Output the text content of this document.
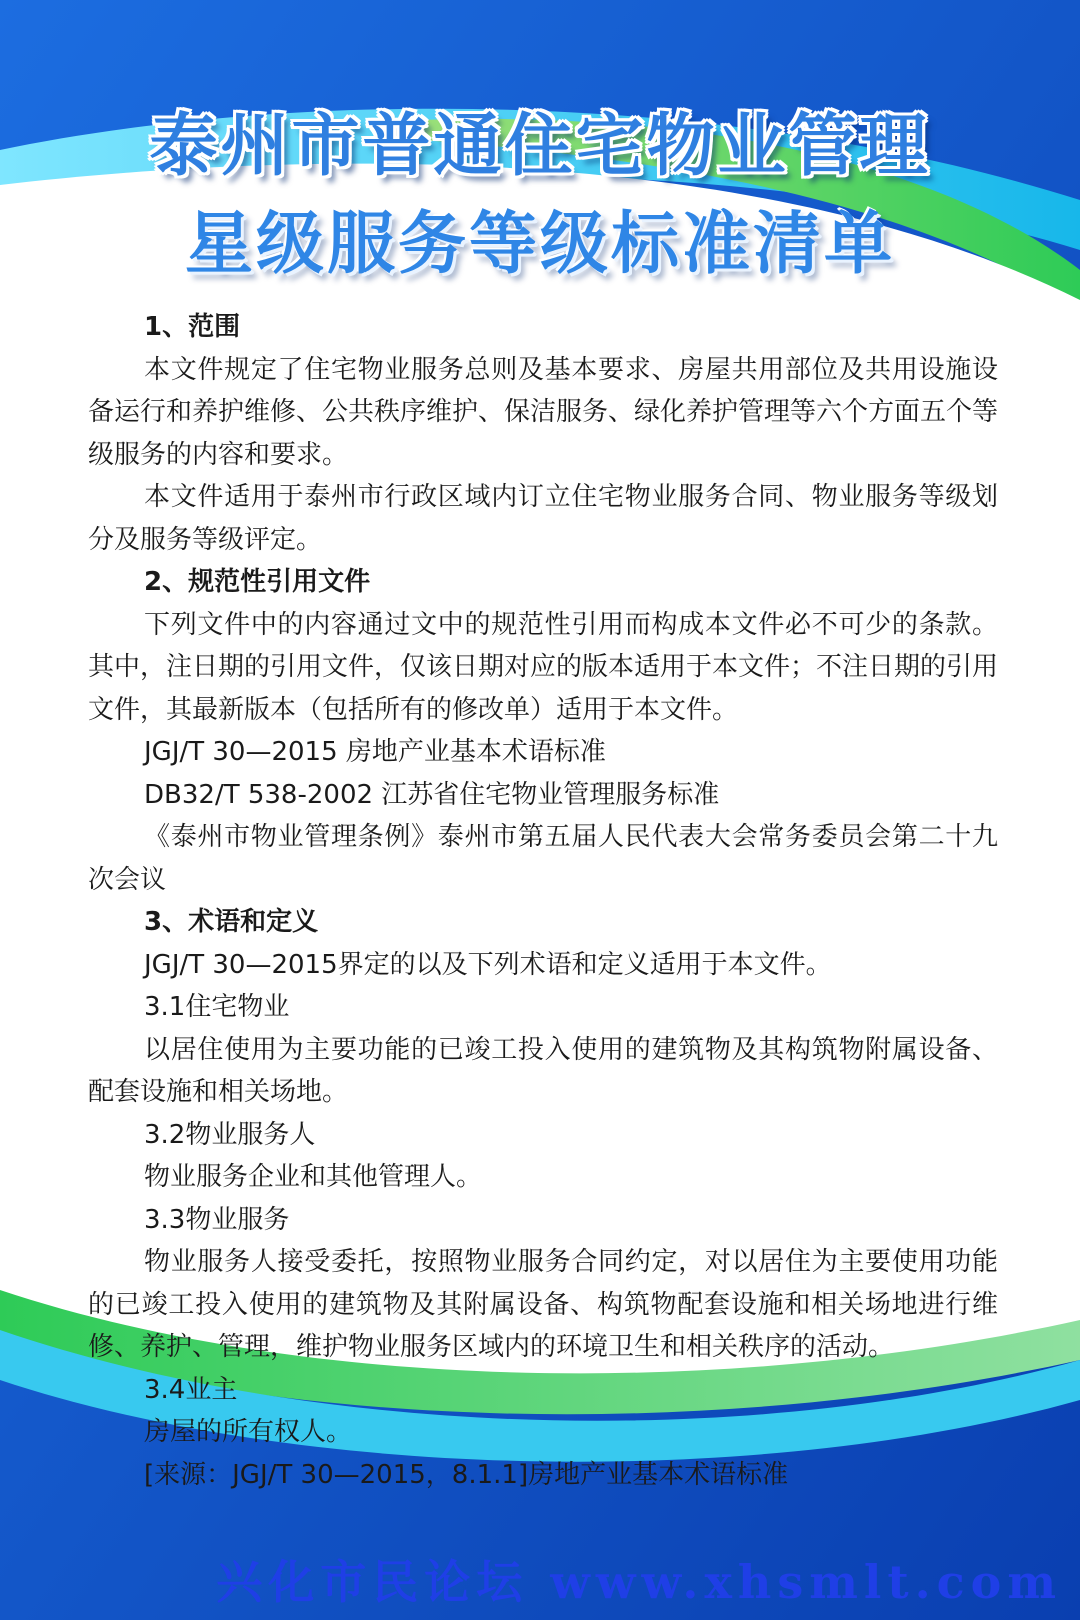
泰州市普通住宅物业管理
星级服务等级标准清单

1、范围

本文件规定了住宅物业服务总则及基本要求、房屋共用部位及共用设施设备运行和养护维修、公共秩序维护、保洁服务、绿化养护管理等六个方面五个等级服务的内容和要求。

本文件适用于泰州市行政区域内订立住宅物业服务合同、物业服务等级划分及服务等级评定。

2、规范性引用文件

下列文件中的内容通过文中的规范性引用而构成本文件必不可少的条款。其中，注日期的引用文件，仅该日期对应的版本适用于本文件；不注日期的引用文件，其最新版本（包括所有的修改单）适用于本文件。

JGJ/T 30—2015 房地产业基本术语标准

DB32/T 538-2002 江苏省住宅物业管理服务标准

《泰州市物业管理条例》泰州市第五届人民代表大会常务委员会第二十九次会议

3、术语和定义

JGJ/T 30—2015界定的以及下列术语和定义适用于本文件。

3.1住宅物业

以居住使用为主要功能的已竣工投入使用的建筑物及其构筑物附属设备、配套设施和相关场地。

3.2物业服务人

物业服务企业和其他管理人。

3.3物业服务

物业服务人接受委托，按照物业服务合同约定，对以居住为主要使用功能的已竣工投入使用的建筑物及其附属设备、构筑物配套设施和相关场地进行维修、养护、管理，维护物业服务区域内的环境卫生和相关秩序的活动。

3.4业主

房屋的所有权人。

[来源：JGJ/T 30—2015，8.1.1]房地产业基本术语标准

兴化市民论坛 www.xhsmlt.com
